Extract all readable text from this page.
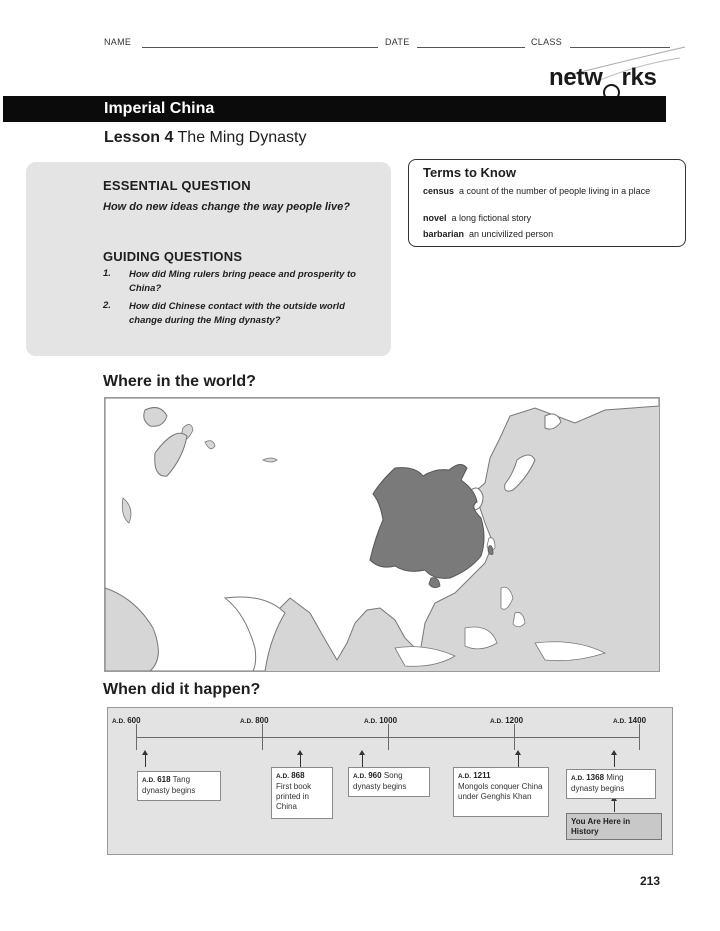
NAME	DATE	CLASS
netw rks
Imperial China
Lesson 4 The Ming Dynasty
ESSENTIAL QUESTION
How do new ideas change the way people live?
GUIDING QUESTIONS
1. How did Ming rulers bring peace and prosperity to China?
2. How did Chinese contact with the outside world change during the Ming dynasty?
Terms to Know
census a count of the number of people living in a place
novel a long fictional story
barbarian an uncivilized person
Where in the world?
When did it happen?
A.D. 600	A.D. 800	A.D. 1000	A.D. 1200	A.D. 1400
A.D. 618 Tang dynasty begins
A.D. 868
First book printed in China
A.D. 960 Song dynasty begins
A.D. 1211
Mongols conquer China under Genghis Khan
A.D. 1368 Ming dynasty begins
You Are Here in History
213
